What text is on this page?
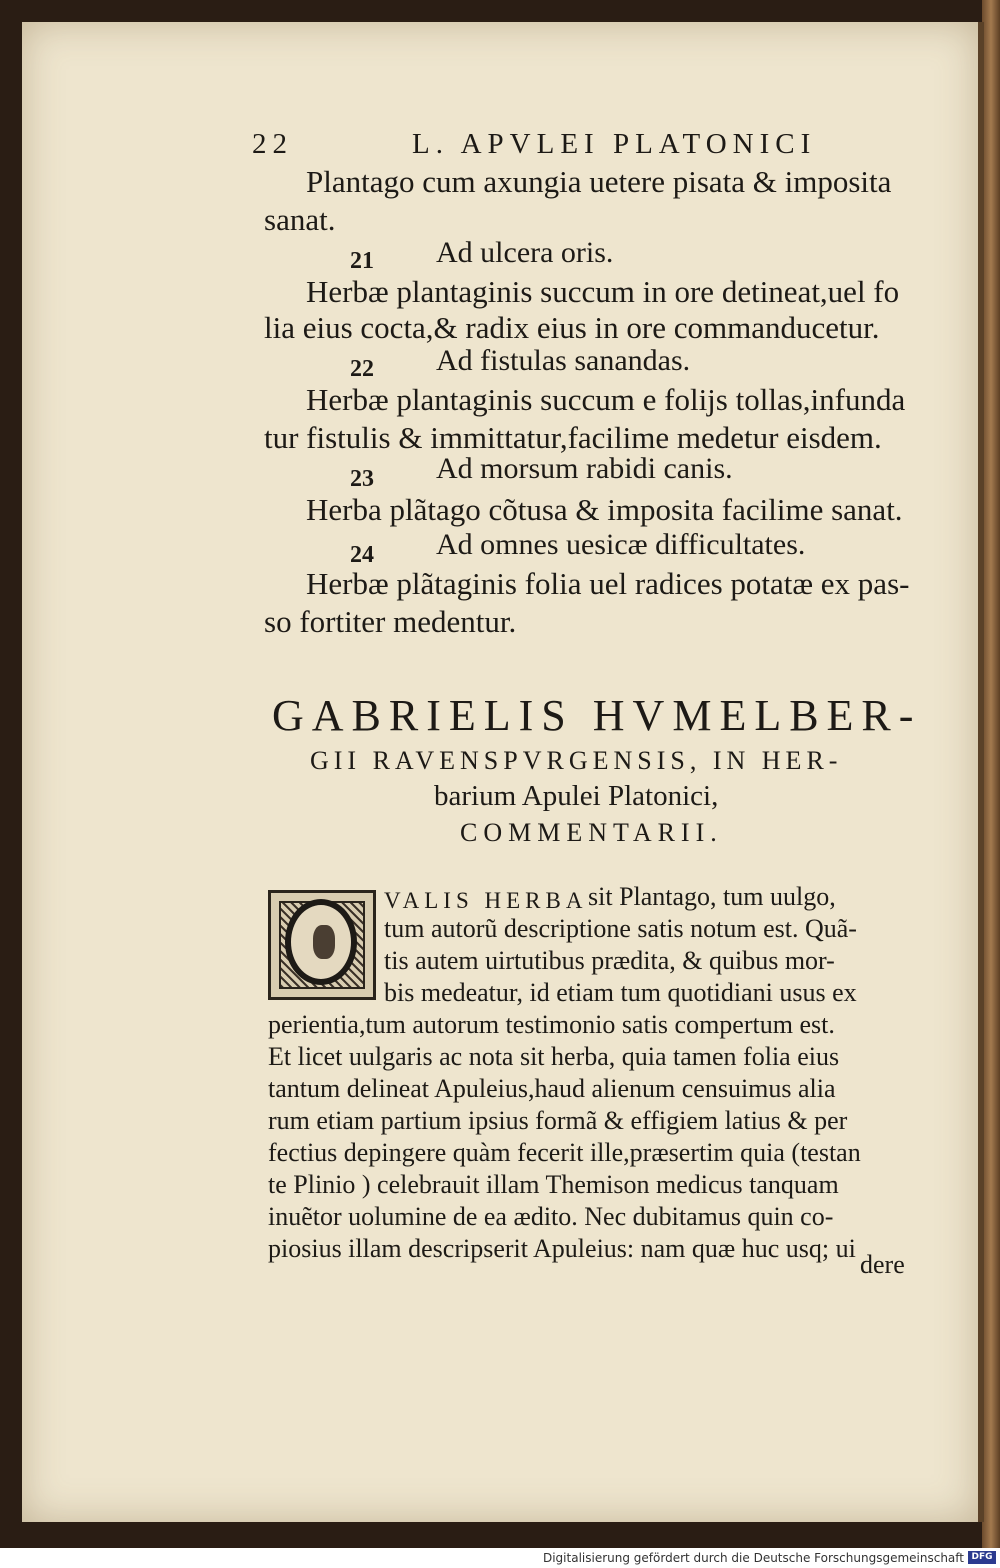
22	L. APVLEI PLATONICI
Plantago cum axungia uetere pisata & imposita
sanat.
21 Ad ulcera oris.
Herbæ plantaginis succum in ore detineat,uel fo
lia eius cocta,& radix eius in ore commanducetur.
22 Ad fistulas sanandas.
Herbæ plantaginis succum e folijs tollas,infunda
tur fistulis & immittatur,facilime medetur eisdem.
23 Ad morsum rabidi canis.
Herba plãtago cõtusa & imposita facilime sanat.
24 Ad omnes uesicæ difficultates.
Herbæ plãtaginis folia uel radices potatæ ex pas-
so fortiter medentur.
GABRIELIS HVMELBER-
GII RAVENSPVRGENSIS, IN HER-
barium Apulei Platonici,
COMMENTARII.
VALIS HERBA sit Plantago, tum uulgo,
tum autorũ descriptione satis notum est. Quã-
tis autem uirtutibus prædita, & quibus mor-
bis medeatur, id etiam tum quotidiani usus ex
perientia,tum autorum testimonio satis compertum est.
Et licet uulgaris ac nota sit herba, quia tamen folia eius
tantum delineat Apuleius,haud alienum censuimus alia
rum etiam partium ipsius formã & effigiem latius & per
fectius depingere quàm fecerit ille,præsertim quia (testan
te Plinio ) celebrauit illam Themison medicus tanquam
inuẽtor uolumine de ea ædito. Nec dubitamus quin co-
piosius illam descripserit Apuleius: nam quæ huc usq; ui
dere
Digitalisierung gefördert durch die Deutsche Forschungsgemeinschaft DFG
